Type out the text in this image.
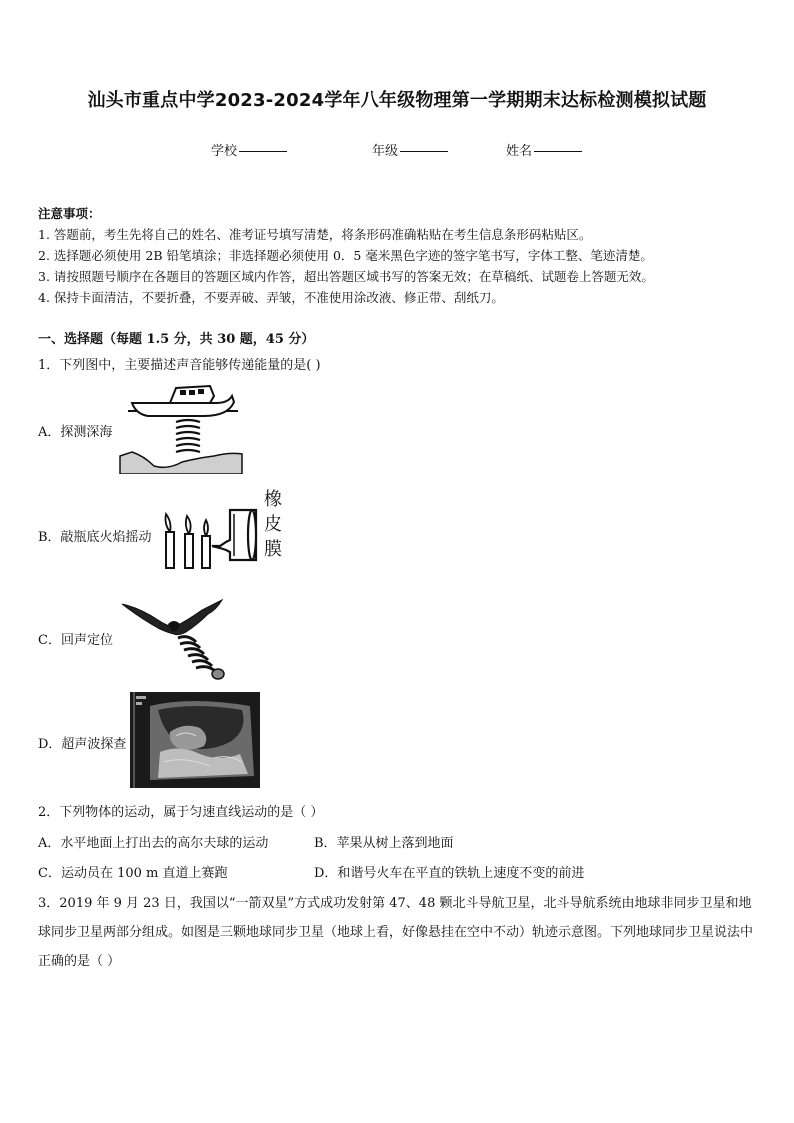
汕头市重点中学2023-2024学年八年级物理第一学期期末达标检测模拟试题
学校	年级	姓名
注意事项：
1. 答题前，考生先将自己的姓名、准考证号填写清楚，将条形码准确粘贴在考生信息条形码粘贴区。
2. 选择题必须使用 2B 铅笔填涂；非选择题必须使用 0．5 毫米黑色字迹的签字笔书写，字体工整、笔迹清楚。
3. 请按照题号顺序在各题目的答题区域内作答，超出答题区域书写的答案无效；在草稿纸、试题卷上答题无效。
4. 保持卡面清洁，不要折叠，不要弄破、弄皱，不准使用涂改液、修正带、刮纸刀。
一、选择题（每题 1.5 分，共 30 题，45 分）
1．下列图中，主要描述声音能够传递能量的是( )
A．探测深海
B．敲瓶底火焰摇动
橡
皮
膜
C．回声定位
D．超声波探查
2．下列物体的运动，属于匀速直线运动的是（ ）
A．水平地面上打出去的高尔夫球的运动	B．苹果从树上落到地面
C．运动员在 100 m 直道上赛跑	D．和谐号火车在平直的铁轨上速度不变的前进
3．2019 年 9 月 23 日，我国以“一箭双星”方式成功发射第 47、48 颗北斗导航卫星，北斗导航系统由地球非同步卫星和地球同步卫星两部分组成。如图是三颗地球同步卫星（地球上看，好像悬挂在空中不动）轨迹示意图。下列地球同步卫星说法中正确的是（ ）
